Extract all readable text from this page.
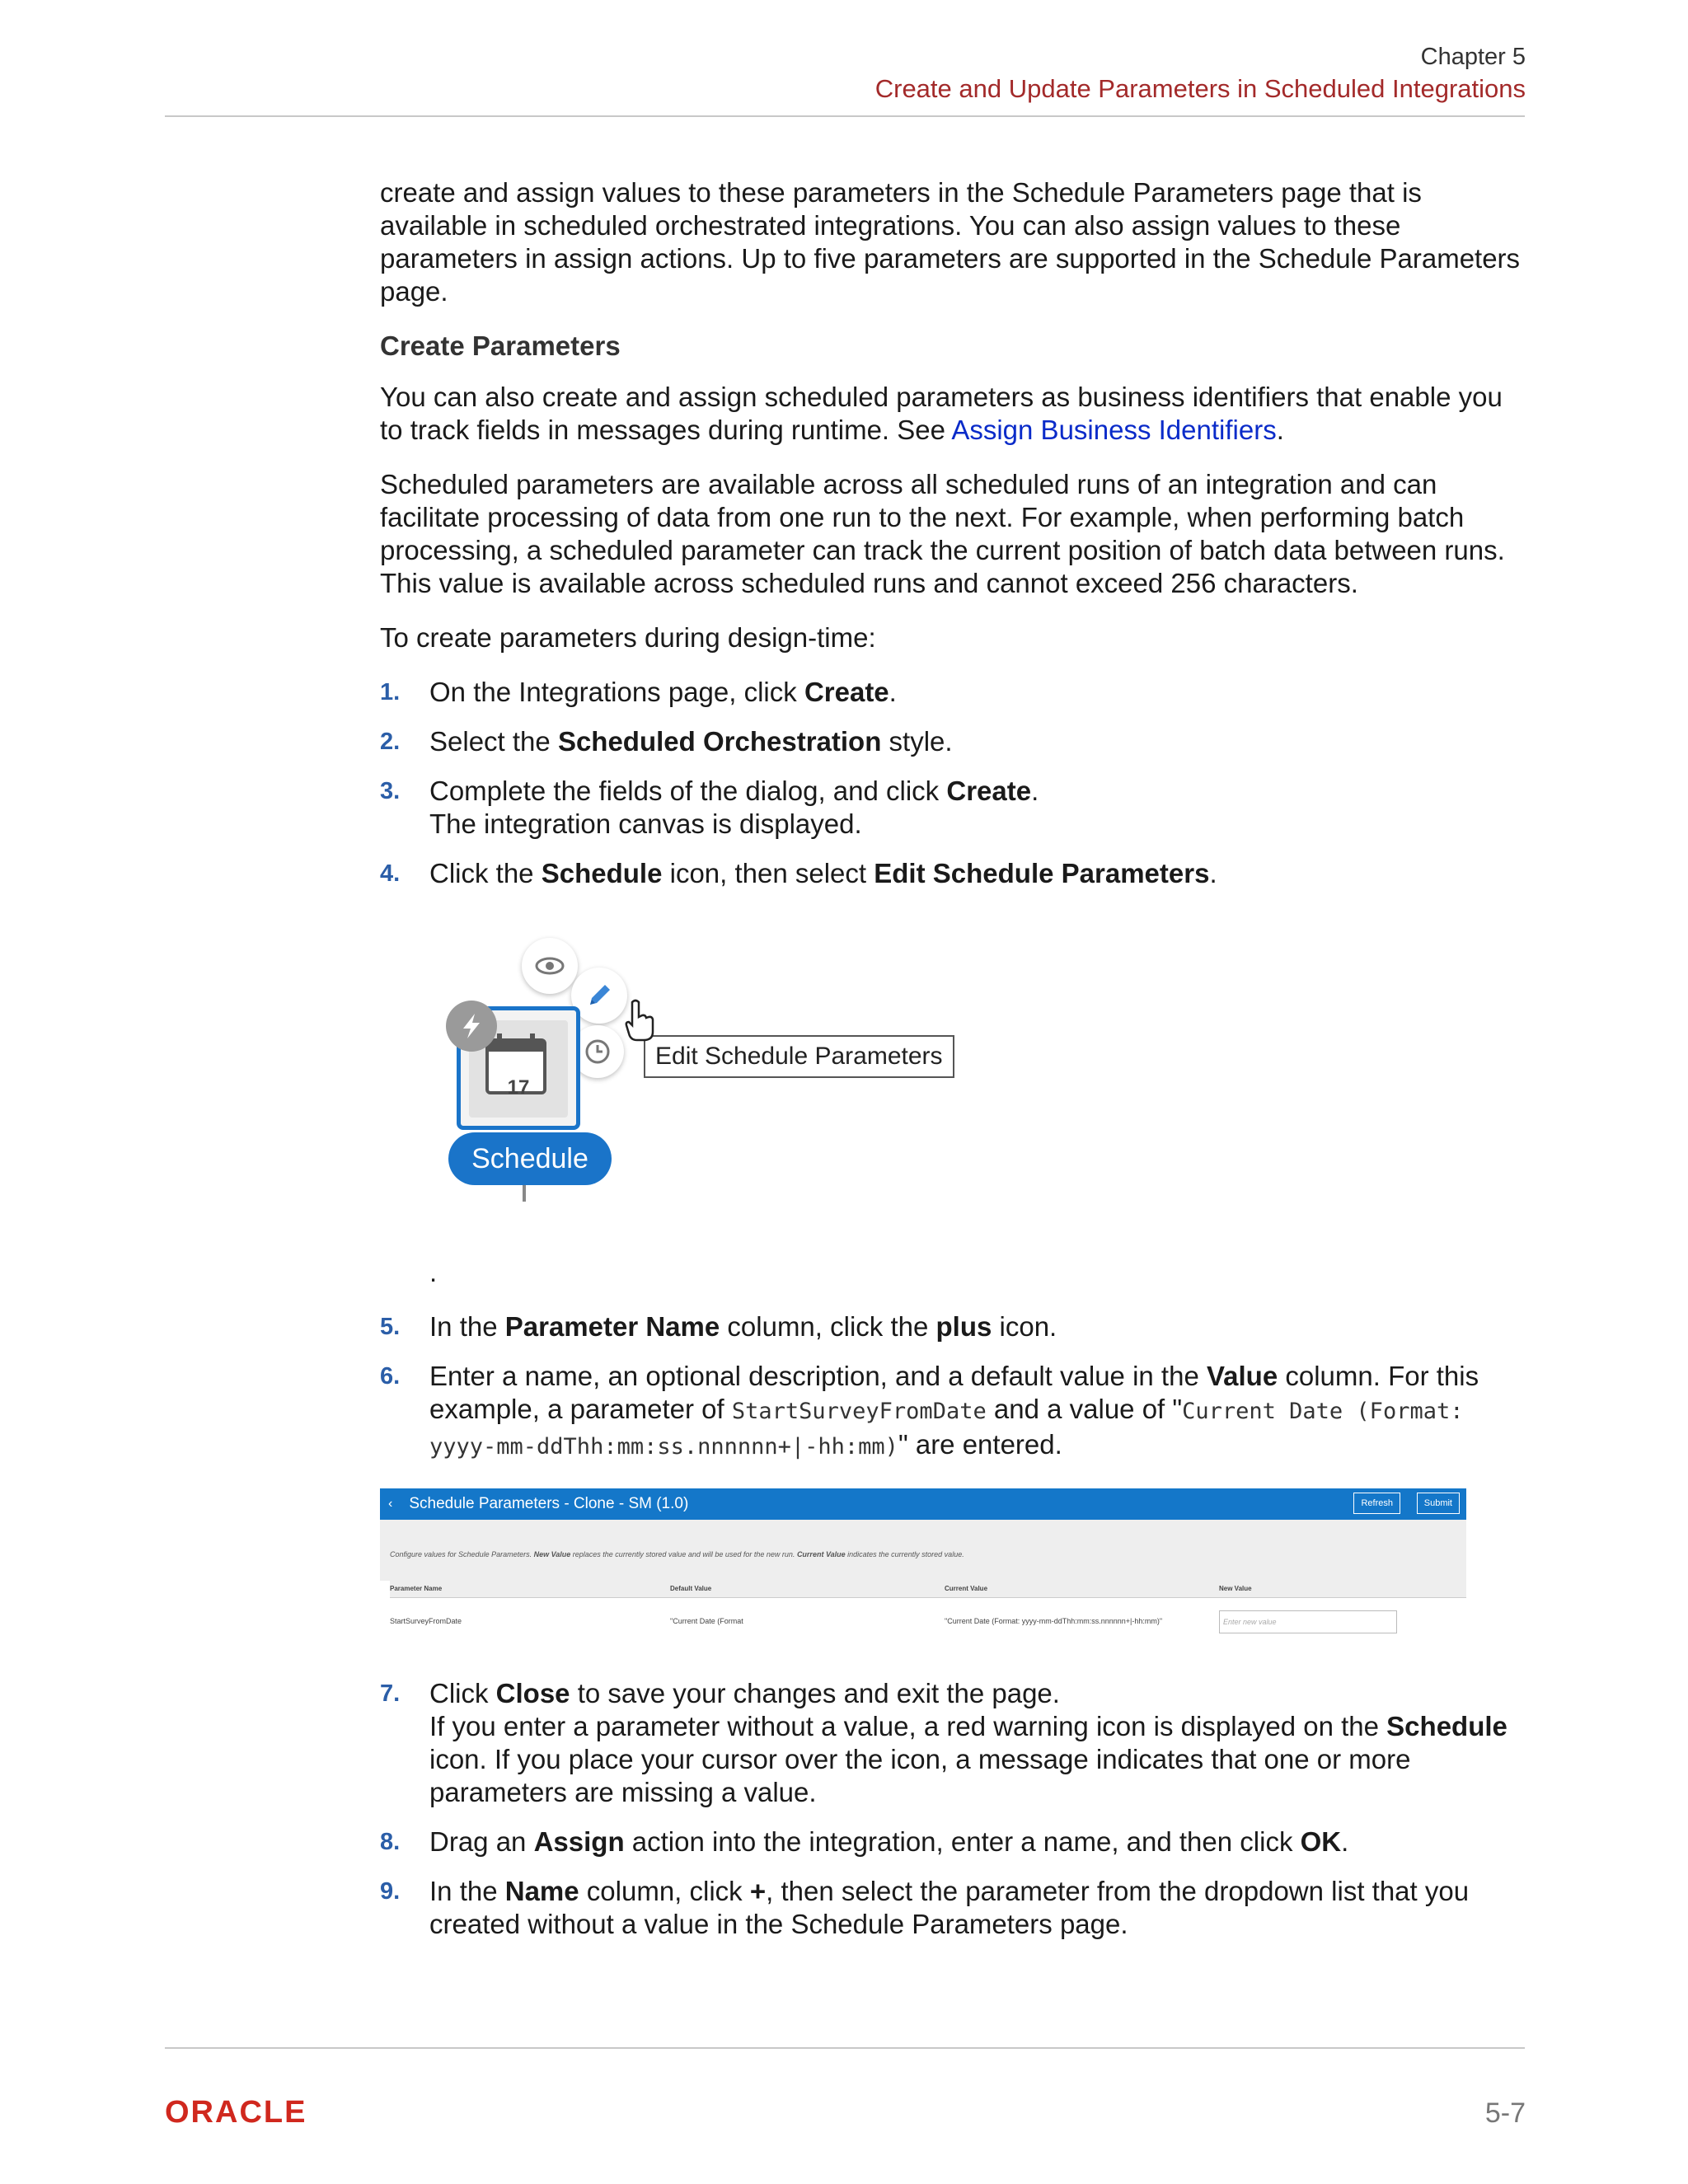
Chapter 5
Create and Update Parameters in Scheduled Integrations

create and assign values to these parameters in the Schedule Parameters page that is available in scheduled orchestrated integrations. You can also assign values to these parameters in assign actions. Up to five parameters are supported in the Schedule Parameters page.

Create Parameters

You can also create and assign scheduled parameters as business identifiers that enable you to track fields in messages during runtime. See Assign Business Identifiers.

Scheduled parameters are available across all scheduled runs of an integration and can facilitate processing of data from one run to the next. For example, when performing batch processing, a scheduled parameter can track the current position of batch data between runs. This value is available across scheduled runs and cannot exceed 256 characters.

To create parameters during design-time:

1. On the Integrations page, click Create.
2. Select the Scheduled Orchestration style.
3. Complete the fields of the dialog, and click Create.
The integration canvas is displayed.
4. Click the Schedule icon, then select Edit Schedule Parameters.
17
Schedule
Edit Schedule Parameters
.
5. In the Parameter Name column, click the plus icon.
6. Enter a name, an optional description, and a default value in the Value column. For this example, a parameter of StartSurveyFromDate and a value of "Current Date (Format: yyyy-mm-ddThh:mm:ss.nnnnnn+|-hh:mm)" are entered.
‹ Schedule Parameters - Clone - SM (1.0)	Refresh	Submit
Configure values for Schedule Parameters. New Value replaces the currently stored value and will be used for the new run. Current Value indicates the currently stored value.
Parameter Name	Default Value	Current Value	New Value
StartSurveyFromDate	"Current Date (Format	"Current Date (Format: yyyy-mm-ddThh:mm:ss.nnnnnn+|-hh:mm)"	Enter new value
7. Click Close to save your changes and exit the page.
If you enter a parameter without a value, a red warning icon is displayed on the Schedule icon. If you place your cursor over the icon, a message indicates that one or more parameters are missing a value.
8. Drag an Assign action into the integration, enter a name, and then click OK.
9. In the Name column, click +, then select the parameter from the dropdown list that you created without a value in the Schedule Parameters page.
ORACLE	5-7
